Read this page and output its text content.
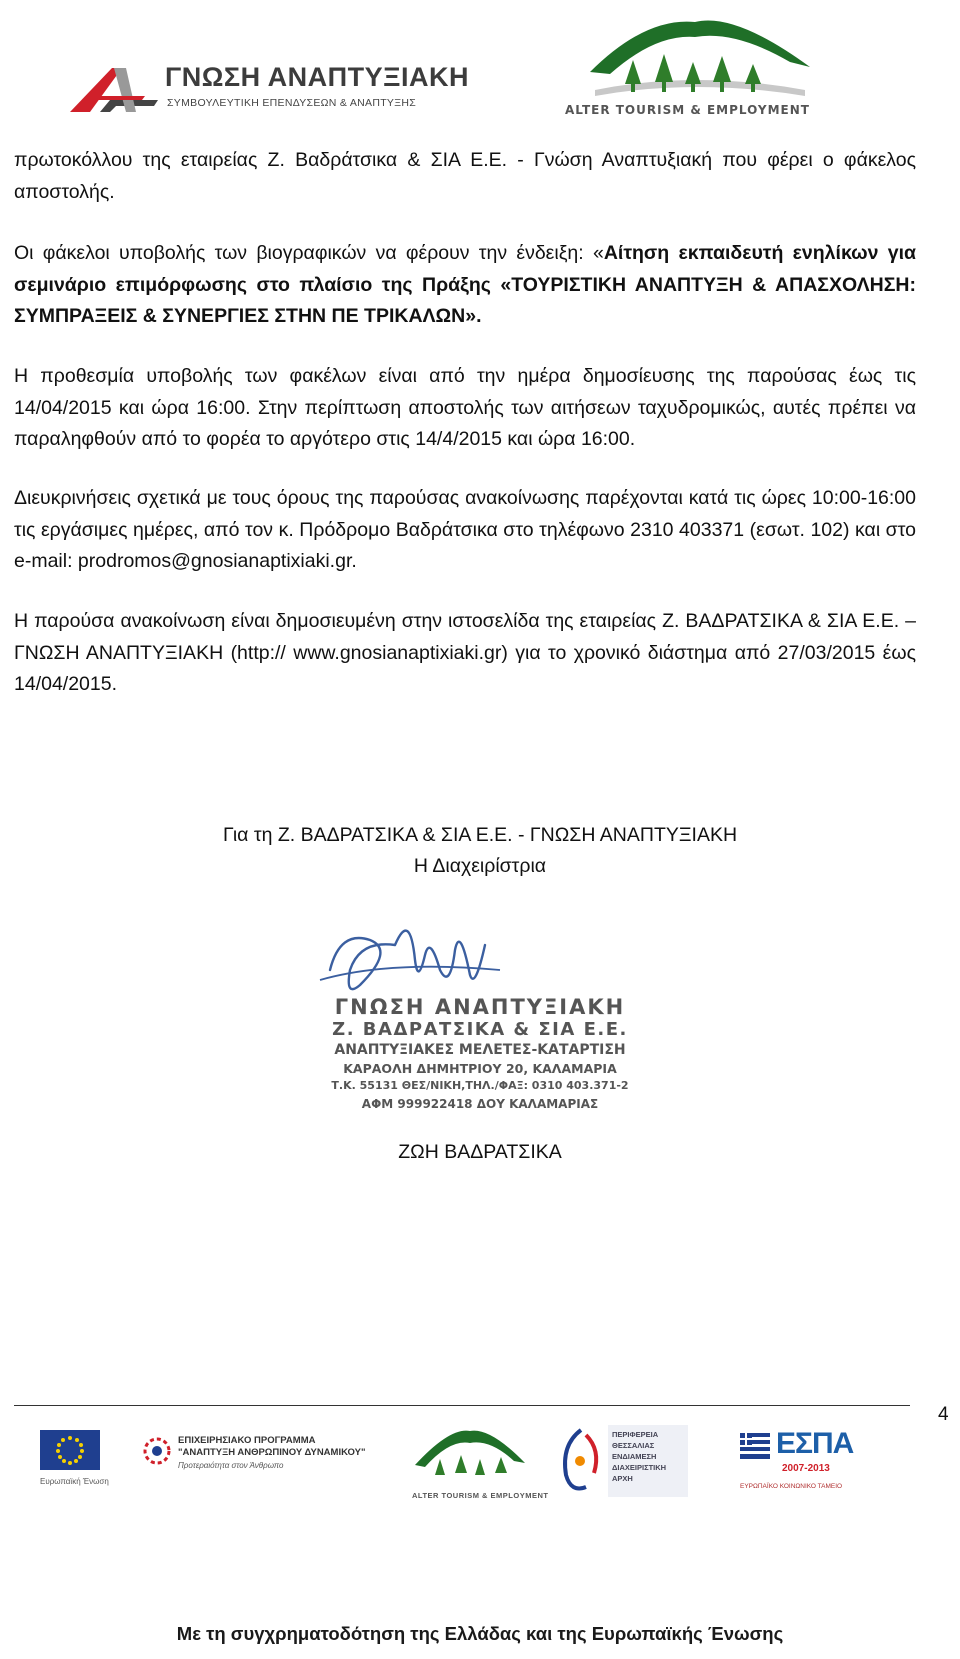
ΓΝΩΣΗ ΑΝΑΠΤΥΞΙΑΚΗ
ΣΥΜΒΟΥΛΕΥΤΙΚΗ ΕΠΕΝΔΥΣΕΩΝ & ΑΝΑΠΤΥΞΗΣ	ALTER TOURISM & EMPLOYMENT
πρωτοκόλλου της εταιρείας Ζ. Βαδράτσικα & ΣΙΑ Ε.Ε. - Γνώση Αναπτυξιακή που φέρει ο φάκελος αποστολής.
Οι φάκελοι υποβολής των βιογραφικών να φέρουν την ένδειξη: «Αίτηση εκπαιδευτή ενηλίκων για σεμινάριο επιμόρφωσης στο πλαίσιο της Πράξης «ΤΟΥΡΙΣΤΙΚΗ ΑΝΑΠΤΥΞΗ & ΑΠΑΣΧΟΛΗΣΗ: ΣΥΜΠΡΑΞΕΙΣ & ΣΥΝΕΡΓΙΕΣ ΣΤΗΝ ΠΕ ΤΡΙΚΑΛΩΝ».
Η προθεσμία υποβολής των φακέλων είναι από την ημέρα δημοσίευσης της παρούσας έως τις 14/04/2015 και ώρα 16:00. Στην περίπτωση αποστολής των αιτήσεων ταχυδρομικώς, αυτές πρέπει να παραληφθούν από το φορέα το αργότερο στις 14/4/2015 και ώρα 16:00.
Διευκρινήσεις σχετικά με τους όρους της παρούσας ανακοίνωσης παρέχονται κατά τις ώρες 10:00-16:00 τις εργάσιμες ημέρες, από τον κ. Πρόδρομο Βαδράτσικα στο τηλέφωνο 2310 403371 (εσωτ. 102) και στο e-mail: prodromos@gnosianaptixiaki.gr.
Η παρούσα ανακοίνωση είναι δημοσιευμένη στην ιστοσελίδα της εταιρείας Ζ. ΒΑΔΡΑΤΣΙΚΑ & ΣΙΑ Ε.Ε. – ΓΝΩΣΗ ΑΝΑΠΤΥΞΙΑΚΗ (http:// www.gnosianaptixiaki.gr) για το χρονικό διάστημα από 27/03/2015 έως 14/04/2015.
Για τη Ζ. ΒΑΔΡΑΤΣΙΚΑ & ΣΙΑ Ε.Ε. - ΓΝΩΣΗ ΑΝΑΠΤΥΞΙΑΚΗ
Η Διαχειρίστρια
ΓΝΩΣΗ ΑΝΑΠΤΥΞΙΑΚΗ
Ζ. ΒΑΔΡΑΤΣΙΚΑ & ΣΙΑ Ε.Ε.
ΑΝΑΠΤΥΞΙΑΚΕΣ ΜΕΛΕΤΕΣ-ΚΑΤΑΡΤΙΣΗ
ΚΑΡΑΟΛΗ ΔΗΜΗΤΡΙΟΥ 20, ΚΑΛΑΜΑΡΙΑ
Τ.Κ. 55131 ΘΕΣ/ΝΙΚΗ,ΤΗΛ./ΦΑΞ: 0310 403.371-2
ΑΦΜ 999922418 ΔΟΥ ΚΑΛΑΜΑΡΙΑΣ
ΖΩΗ ΒΑΔΡΑΤΣΙΚΑ
4
Ευρωπαϊκή Ένωση
ΕΠΙΧΕΙΡΗΣΙΑΚΟ ΠΡΟΓΡΑΜΜΑ
"ΑΝΑΠΤΥΞΗ ΑΝΘΡΩΠΙΝΟΥ ΔΥΝΑΜΙΚΟΥ"
Προτεραιότητα στον Άνθρωπο
ALTER TOURISM & EMPLOYMENT
ΠΕΡΙΦΕΡΕΙΑ
ΘΕΣΣΑΛΙΑΣ
ΕΝΔΙΑΜΕΣΗ
ΔΙΑΧΕΙΡΙΣΤΙΚΗ
ΑΡΧΗ
ΕΣΠΑ
2007-2013
ΕΥΡΩΠΑΪΚΟ ΚΟΙΝΩΝΙΚΟ ΤΑΜΕΙΟ
Με τη συγχρηματοδότηση της Ελλάδας και της Ευρωπαϊκής Ένωσης
